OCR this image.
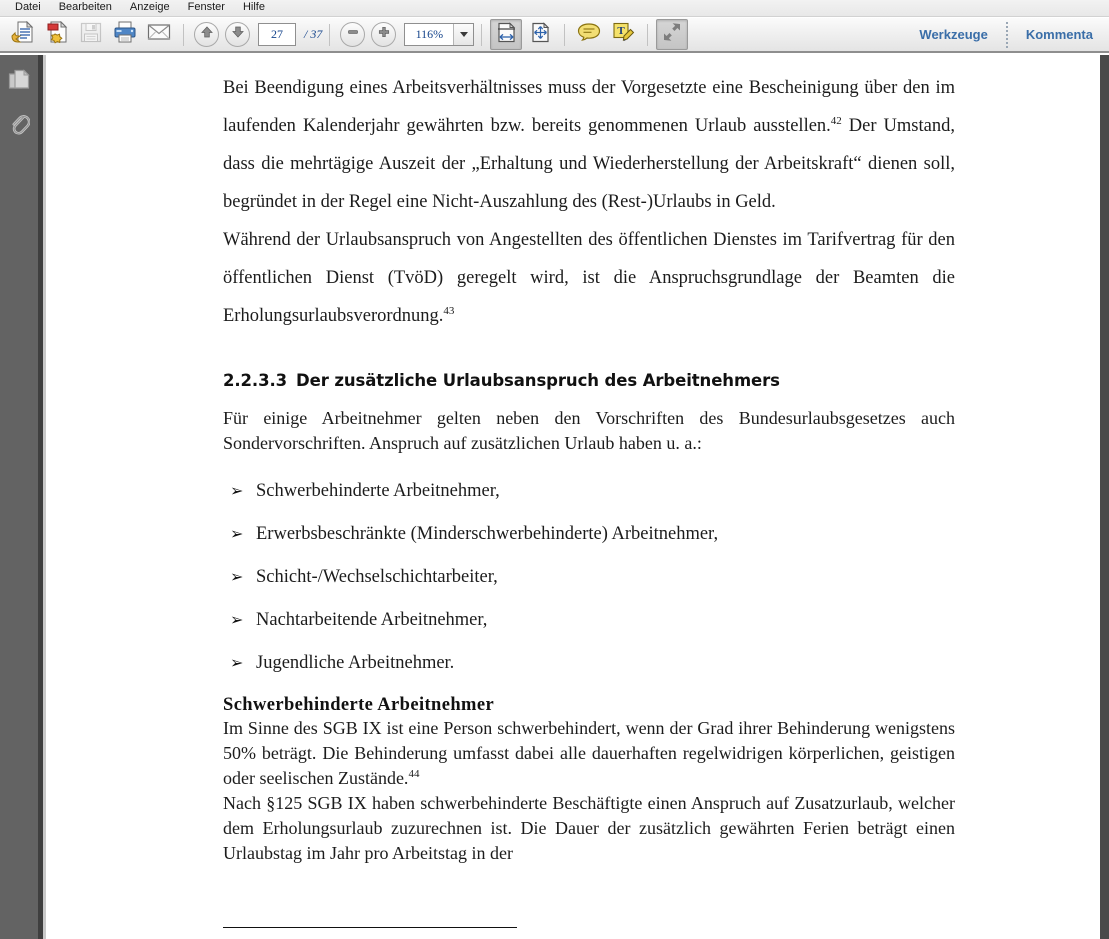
Datei	Bearbeiten	Anzeige	Fenster	Hilfe
27	/ 37	116%	T	Werkzeuge	Kommenta

Bei Beendigung eines Arbeitsverhältnisses muss der Vorgesetzte eine Bescheinigung über den im laufenden Kalenderjahr gewährten bzw. bereits genommenen Urlaub ausstellen.$^{42}$ Der Umstand, dass die mehrtägige Auszeit der „Erhaltung und Wiederherstellung der Arbeitskraft“ dienen soll, begründet in der Regel eine Nicht-Auszahlung des (Rest-)Urlaubs in Geld.

Während der Urlaubsanspruch von Angestellten des öffentlichen Dienstes im Tarifvertrag für den öffentlichen Dienst (TvöD) geregelt wird, ist die Anspruchsgrundlage der Beamten die Erholungsurlaubsverordnung.$^{43}$

2.2.3.3 Der zusätzliche Urlaubsanspruch des Arbeitnehmers

Für einige Arbeitnehmer gelten neben den Vorschriften des Bundesurlaubsgesetzes auch Sondervorschriften. Anspruch auf zusätzlichen Urlaub haben u. a.:

➢ Schwerbehinderte Arbeitnehmer,
➢ Erwerbsbeschränkte (Minderschwerbehinderte) Arbeitnehmer,
➢ Schicht-/Wechselschichtarbeiter,
➢ Nachtarbeitende Arbeitnehmer,
➢ Jugendliche Arbeitnehmer.
Schwerbehinderte Arbeitnehmer

Im Sinne des SGB IX ist eine Person schwerbehindert, wenn der Grad ihrer Behinderung wenigstens 50% beträgt. Die Behinderung umfasst dabei alle dauerhaften regelwidrigen körperlichen, geistigen oder seelischen Zustände.$^{44}$

Nach §125 SGB IX haben schwerbehinderte Beschäftigte einen Anspruch auf Zusatzurlaub, welcher dem Erholungsurlaub zuzurechnen ist. Die Dauer der zusätzlich gewährten Ferien beträgt einen Urlaubstag im Jahr pro Arbeitstag in der
